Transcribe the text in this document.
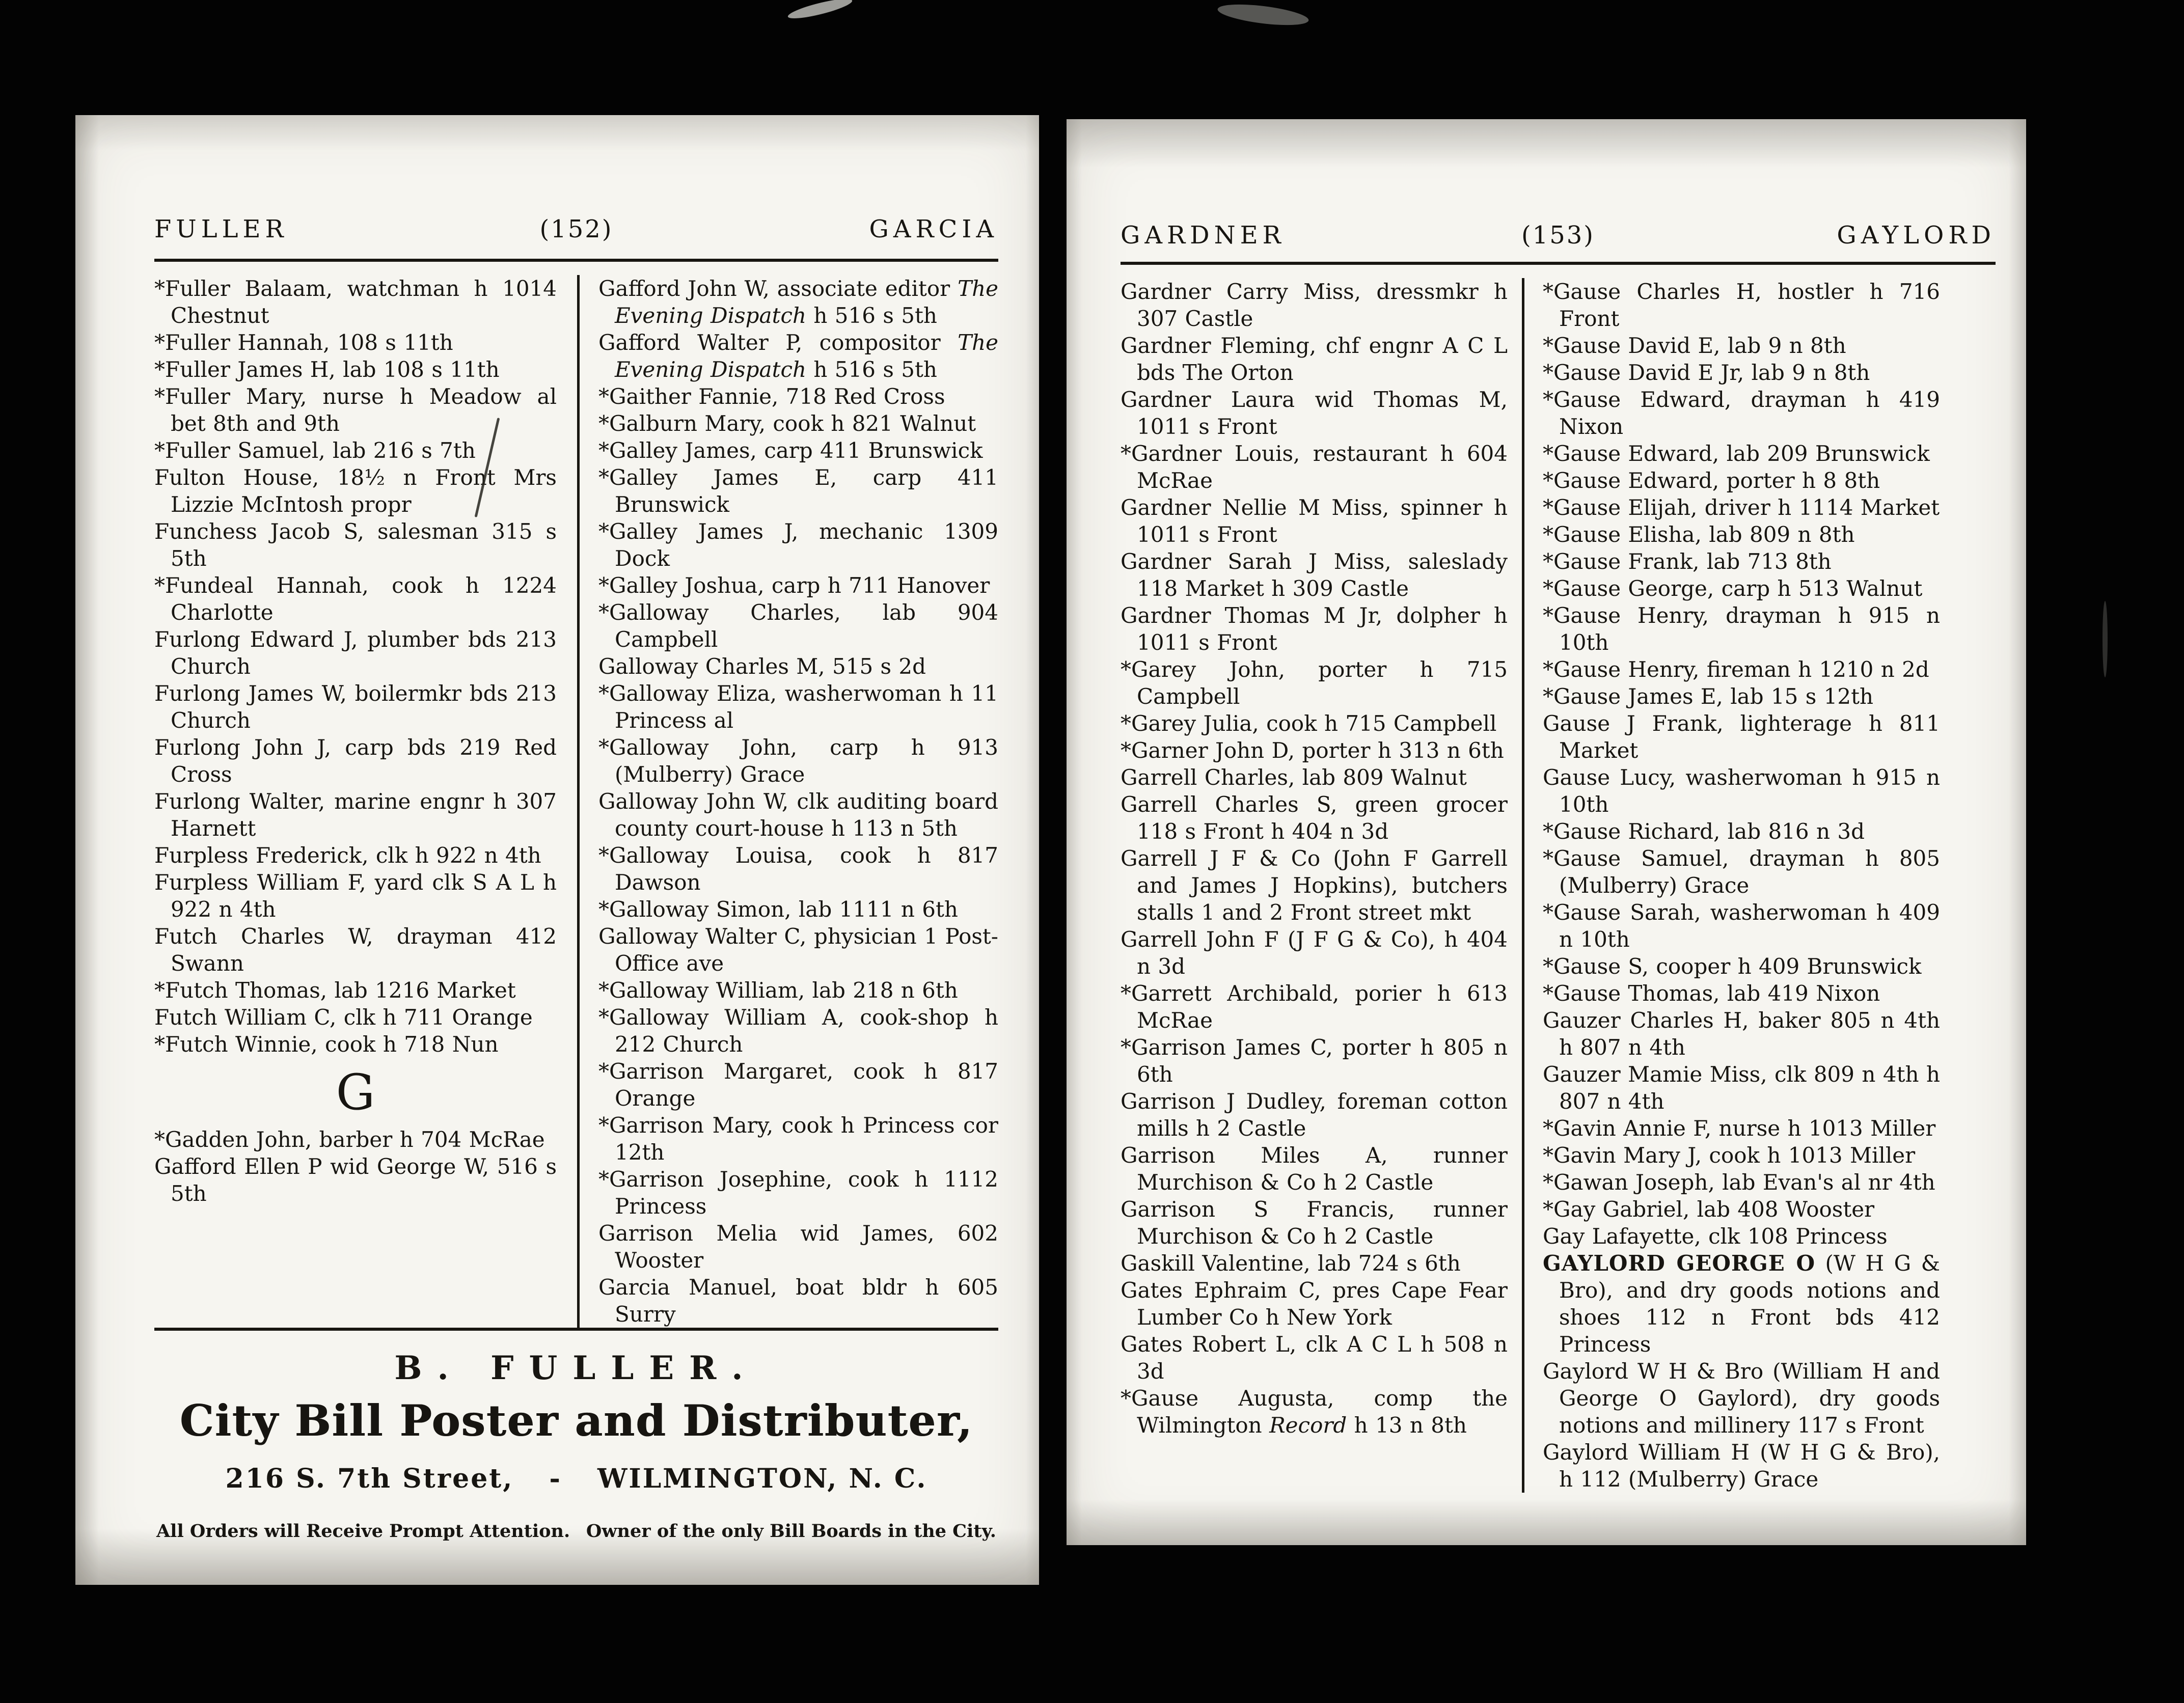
FULLER	(152)	GARCIA

*Fuller Balaam, watchman h 1014 Chestnut

*Fuller Hannah, 108 s 11th

*Fuller James H, lab 108 s 11th

*Fuller Mary, nurse h Meadow al bet 8th and 9th

*Fuller Samuel, lab 216 s 7th

Fulton House, 18½ n Front Mrs Lizzie McIntosh propr

Funchess Jacob S, salesman 315 s 5th

*Fundeal Hannah, cook h 1224 Charlotte

Furlong Edward J, plumber bds 213 Church

Furlong James W, boilermkr bds 213 Church

Furlong John J, carp bds 219 Red Cross

Furlong Walter, marine engnr h 307 Harnett

Furpless Frederick, clk h 922 n 4th

Furpless William F, yard clk S A L h 922 n 4th

Futch Charles W, drayman 412 Swann

*Futch Thomas, lab 1216 Market

Futch William C, clk h 711 Orange

*Futch Winnie, cook h 718 Nun

G

*Gadden John, barber h 704 McRae

Gafford Ellen P wid George W, 516 s 5th

Gafford John W, associate editor The Evening Dispatch h 516 s 5th

Gafford Walter P, compositor The Evening Dispatch h 516 s 5th

*Gaither Fannie, 718 Red Cross

*Galburn Mary, cook h 821 Walnut

*Galley James, carp 411 Brunswick

*Galley James E, carp 411 Brunswick

*Galley James J, mechanic 1309 Dock

*Galley Joshua, carp h 711 Hanover

*Galloway Charles, lab 904 Campbell

Galloway Charles M, 515 s 2d

*Galloway Eliza, washerwoman h 11 Princess al

*Galloway John, carp h 913 (Mulberry) Grace

Galloway John W, clk auditing board county court-house h 113 n 5th

*Galloway Louisa, cook h 817 Dawson

*Galloway Simon, lab 1111 n 6th

Galloway Walter C, physician 1 Post-Office ave

*Galloway William, lab 218 n 6th

*Galloway William A, cook-shop h 212 Church

*Garrison Margaret, cook h 817 Orange

*Garrison Mary, cook h Princess cor 12th

*Garrison Josephine, cook h 1112 Princess

Garrison Melia wid James, 602 Wooster

Garcia Manuel, boat bldr h 605 Surry

B. FULLER.
City Bill Poster and Distributer,
216 S. 7th Street, - WILMINGTON, N. C.
All Orders will Receive Prompt Attention. Owner of the only Bill Boards in the City.
GARDNER	(153)	GAYLORD

Gardner Carry Miss, dressmkr h 307 Castle

Gardner Fleming, chf engnr A C L bds The Orton

Gardner Laura wid Thomas M, 1011 s Front

*Gardner Louis, restaurant h 604 McRae

Gardner Nellie M Miss, spinner h 1011 s Front

Gardner Sarah J Miss, saleslady 118 Market h 309 Castle

Gardner Thomas M Jr, dolpher h 1011 s Front

*Garey John, porter h 715 Campbell

*Garey Julia, cook h 715 Campbell

*Garner John D, porter h 313 n 6th

Garrell Charles, lab 809 Walnut

Garrell Charles S, green grocer 118 s Front h 404 n 3d

Garrell J F & Co (John F Garrell and James J Hopkins), butchers stalls 1 and 2 Front street mkt

Garrell John F (J F G & Co), h 404 n 3d

*Garrett Archibald, porier h 613 McRae

*Garrison James C, porter h 805 n 6th

Garrison J Dudley, foreman cotton mills h 2 Castle

Garrison Miles A, runner Murchison & Co h 2 Castle

Garrison S Francis, runner Murchison & Co h 2 Castle

Gaskill Valentine, lab 724 s 6th

Gates Ephraim C, pres Cape Fear Lumber Co h New York

Gates Robert L, clk A C L h 508 n 3d

*Gause Augusta, comp the Wilmington Record h 13 n 8th

*Gause Charles H, hostler h 716 Front

*Gause David E, lab 9 n 8th

*Gause David E Jr, lab 9 n 8th

*Gause Edward, drayman h 419 Nixon

*Gause Edward, lab 209 Brunswick

*Gause Edward, porter h 8 8th

*Gause Elijah, driver h 1114 Market

*Gause Elisha, lab 809 n 8th

*Gause Frank, lab 713 8th

*Gause George, carp h 513 Walnut

*Gause Henry, drayman h 915 n 10th

*Gause Henry, fireman h 1210 n 2d

*Gause James E, lab 15 s 12th

Gause J Frank, lighterage h 811 Market

Gause Lucy, washerwoman h 915 n 10th

*Gause Richard, lab 816 n 3d

*Gause Samuel, drayman h 805 (Mulberry) Grace

*Gause Sarah, washerwoman h 409 n 10th

*Gause S, cooper h 409 Brunswick

*Gause Thomas, lab 419 Nixon

Gauzer Charles H, baker 805 n 4th h 807 n 4th

Gauzer Mamie Miss, clk 809 n 4th h 807 n 4th

*Gavin Annie F, nurse h 1013 Miller

*Gavin Mary J, cook h 1013 Miller

*Gawan Joseph, lab Evan's al nr 4th

*Gay Gabriel, lab 408 Wooster

Gay Lafayette, clk 108 Princess

GAYLORD GEORGE O (W H G & Bro), and dry goods notions and shoes 112 n Front bds 412 Princess

Gaylord W H & Bro (William H and George O Gaylord), dry goods notions and millinery 117 s Front

Gaylord William H (W H G & Bro), h 112 (Mulberry) Grace
